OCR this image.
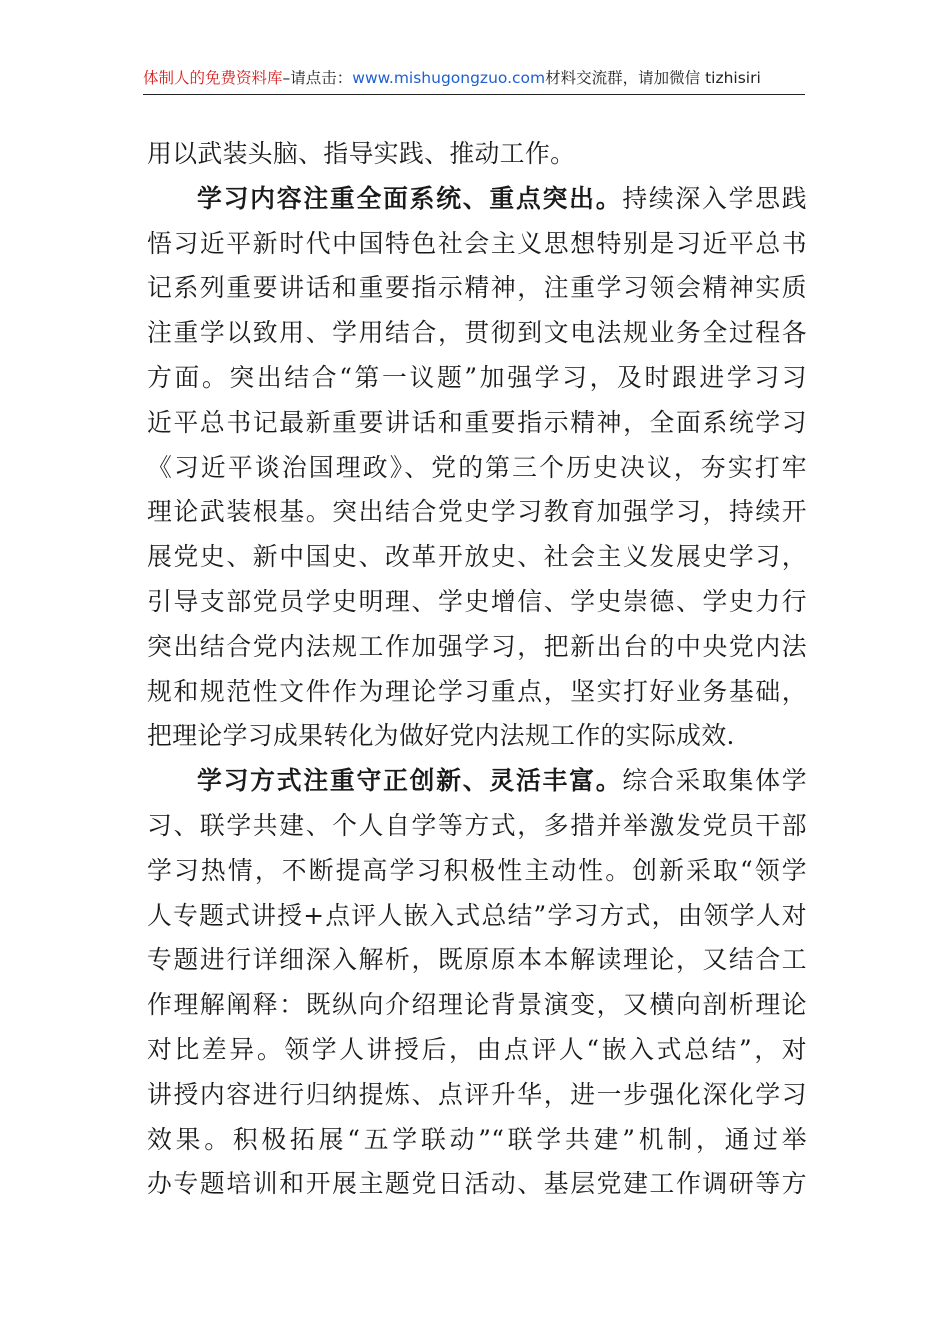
体制人的免费资料库–请点击：www.mishugongzuo.com材料交流群，请加微信 tizhisiri
用以武装头脑、指导实践、推动工作。
学习内容注重全面系统、重点突出。持续深入学思践
悟习近平新时代中国特色社会主义思想特别是习近平总书
记系列重要讲话和重要指示精神，注重学习领会精神实质
注重学以致用、学用结合，贯彻到文电法规业务全过程各
方面。突出结合“第一议题”加强学习，及时跟进学习习
近平总书记最新重要讲话和重要指示精神，全面系统学习
《习近平谈治国理政》、党的第三个历史决议，夯实打牢
理论武装根基。突出结合党史学习教育加强学习，持续开
展党史、新中国史、改革开放史、社会主义发展史学习，
引导支部党员学史明理、学史增信、学史崇德、学史力行
突出结合党内法规工作加强学习，把新出台的中央党内法
规和规范性文件作为理论学习重点，坚实打好业务基础，
把理论学习成果转化为做好党内法规工作的实际成效.
学习方式注重守正创新、灵活丰富。综合采取集体学
习、联学共建、个人自学等方式，多措并举激发党员干部
学习热情，不断提高学习积极性主动性。创新采取“领学
人专题式讲授+点评人嵌入式总结”学习方式，由领学人对
专题进行详细深入解析，既原原本本解读理论，又结合工
作理解阐释：既纵向介绍理论背景演变，又横向剖析理论
对比差异。领学人讲授后，由点评人“嵌入式总结”，对
讲授内容进行归纳提炼、点评升华，进一步强化深化学习
效果。积极拓展“五学联动”“联学共建”机制，通过举
办专题培训和开展主题党日活动、基层党建工作调研等方
